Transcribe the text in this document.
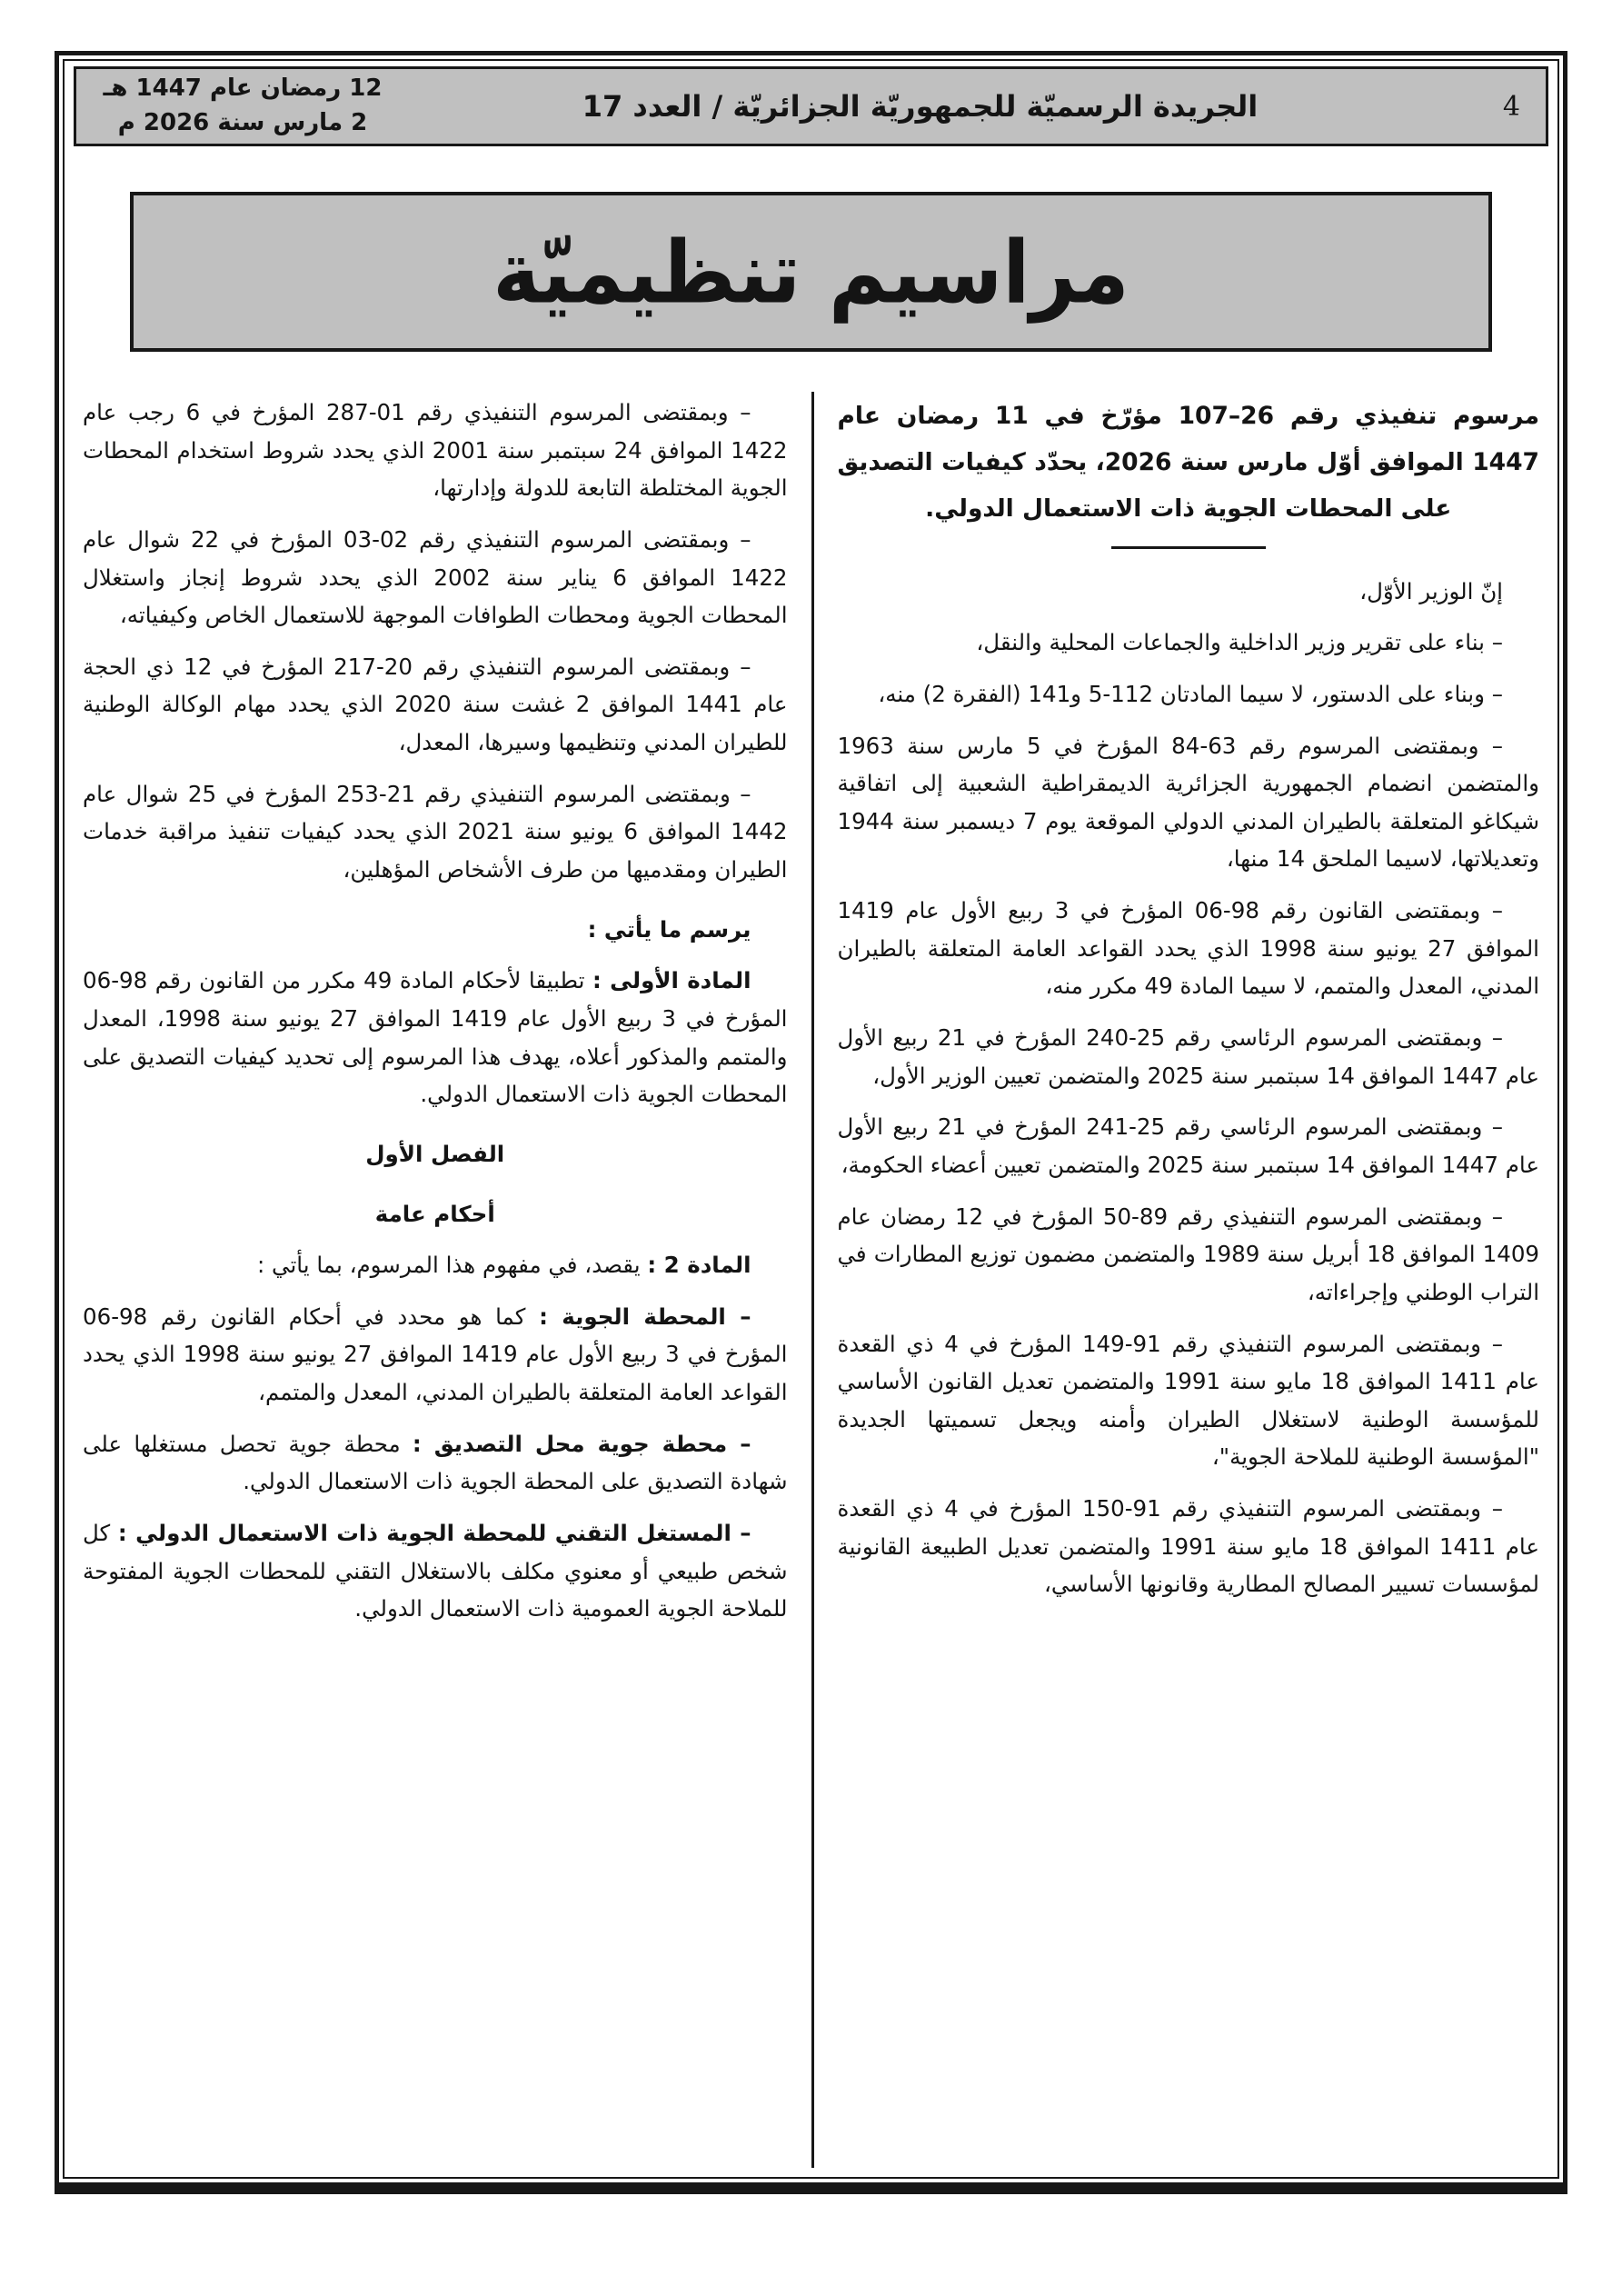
4
الجريدة الرسميّة للجمهوريّة الجزائريّة / العدد 17
12 رمضان عام 1447 هـ
2 مارس سنة 2026 م
مراسيم تنظيميّة

مرسوم تنفيذي رقم 26–107 مؤرّخ في 11 رمضان عام 1447 الموافق أوّل مارس سنة 2026، يحدّد كيفيات التصديق على المحطات الجوية ذات الاستعمال الدولي.

إنّ الوزير الأوّل،

– بناء على تقرير وزير الداخلية والجماعات المحلية والنقل،

– وبناء على الدستور، لا سيما المادتان 112-5 و141 (الفقرة 2) منه،

– وبمقتضى المرسوم رقم 63-84 المؤرخ في 5 مارس سنة 1963 والمتضمن انضمام الجمهورية الجزائرية الديمقراطية الشعبية إلى اتفاقية شيكاغو المتعلقة بالطيران المدني الدولي الموقعة يوم 7 ديسمبر سنة 1944 وتعديلاتها، لاسيما الملحق 14 منها،

– وبمقتضى القانون رقم 98-06 المؤرخ في 3 ربيع الأول عام 1419 الموافق 27 يونيو سنة 1998 الذي يحدد القواعد العامة المتعلقة بالطيران المدني، المعدل والمتمم، لا سيما المادة 49 مكرر منه،

– وبمقتضى المرسوم الرئاسي رقم 25-240 المؤرخ في 21 ربيع الأول عام 1447 الموافق 14 سبتمبر سنة 2025 والمتضمن تعيين الوزير الأول،

– وبمقتضى المرسوم الرئاسي رقم 25-241 المؤرخ في 21 ربيع الأول عام 1447 الموافق 14 سبتمبر سنة 2025 والمتضمن تعيين أعضاء الحكومة،

– وبمقتضى المرسوم التنفيذي رقم 89-50 المؤرخ في 12 رمضان عام 1409 الموافق 18 أبريل سنة 1989 والمتضمن مضمون توزيع المطارات في التراب الوطني وإجراءاته،

– وبمقتضى المرسوم التنفيذي رقم 91-149 المؤرخ في 4 ذي القعدة عام 1411 الموافق 18 مايو سنة 1991 والمتضمن تعديل القانون الأساسي للمؤسسة الوطنية لاستغلال الطيران وأمنه ويجعل تسميتها الجديدة "المؤسسة الوطنية للملاحة الجوية"،

– وبمقتضى المرسوم التنفيذي رقم 91-150 المؤرخ في 4 ذي القعدة عام 1411 الموافق 18 مايو سنة 1991 والمتضمن تعديل الطبيعة القانونية لمؤسسات تسيير المصالح المطارية وقانونها الأساسي،

– وبمقتضى المرسوم التنفيذي رقم 01-287 المؤرخ في 6 رجب عام 1422 الموافق 24 سبتمبر سنة 2001 الذي يحدد شروط استخدام المحطات الجوية المختلطة التابعة للدولة وإدارتها،

– وبمقتضى المرسوم التنفيذي رقم 02-03 المؤرخ في 22 شوال عام 1422 الموافق 6 يناير سنة 2002 الذي يحدد شروط إنجاز واستغلال المحطات الجوية ومحطات الطوافات الموجهة للاستعمال الخاص وكيفياته،

– وبمقتضى المرسوم التنفيذي رقم 20-217 المؤرخ في 12 ذي الحجة عام 1441 الموافق 2 غشت سنة 2020 الذي يحدد مهام الوكالة الوطنية للطيران المدني وتنظيمها وسيرها، المعدل،

– وبمقتضى المرسوم التنفيذي رقم 21-253 المؤرخ في 25 شوال عام 1442 الموافق 6 يونيو سنة 2021 الذي يحدد كيفيات تنفيذ مراقبة خدمات الطيران ومقدميها من طرف الأشخاص المؤهلين،

يرسم ما يأتي :

المادة الأولى : تطبيقا لأحكام المادة 49 مكرر من القانون رقم 98-06 المؤرخ في 3 ربيع الأول عام 1419 الموافق 27 يونيو سنة 1998، المعدل والمتمم والمذكور أعلاه، يهدف هذا المرسوم إلى تحديد كيفيات التصديق على المحطات الجوية ذات الاستعمال الدولي.

الفصل الأول

أحكام عامة

المادة 2 : يقصد، في مفهوم هذا المرسوم، بما يأتي :

– المحطة الجوية : كما هو محدد في أحكام القانون رقم 98-06 المؤرخ في 3 ربيع الأول عام 1419 الموافق 27 يونيو سنة 1998 الذي يحدد القواعد العامة المتعلقة بالطيران المدني، المعدل والمتمم،

– محطة جوية محل التصديق : محطة جوية تحصل مستغلها على شهادة التصديق على المحطة الجوية ذات الاستعمال الدولي.

– المستغل التقني للمحطة الجوية ذات الاستعمال الدولي : كل شخص طبيعي أو معنوي مكلف بالاستغلال التقني للمحطات الجوية المفتوحة للملاحة الجوية العمومية ذات الاستعمال الدولي.
